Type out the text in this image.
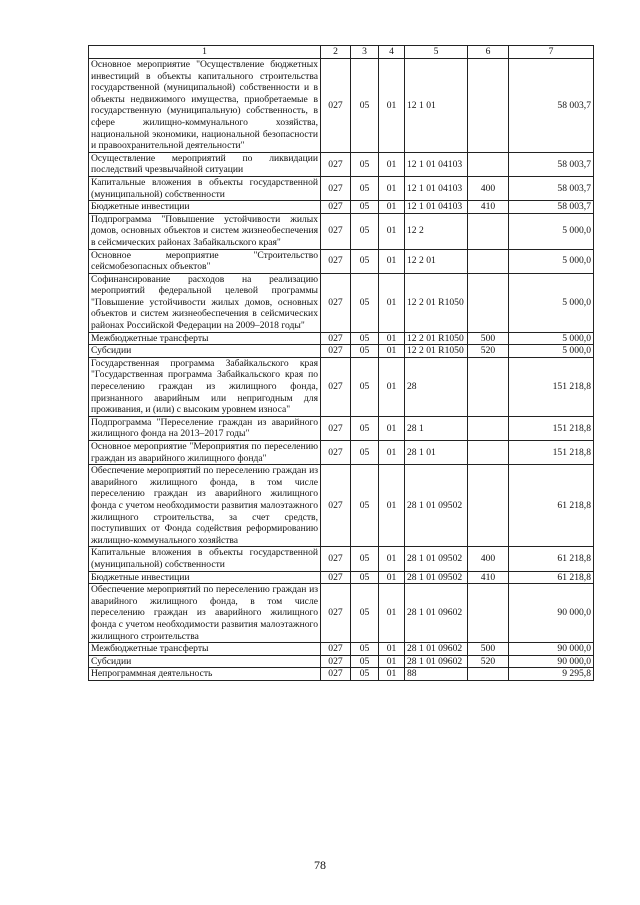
1	2	3	4	5	6	7
Основное мероприятие "Осуществление бюджетных инвестиций в объекты капитального строительства государственной (муниципальной) собственности и в объекты недвижимого имущества, приобретаемые в государственную (муниципальную) собственность, в сфере жилищно-коммунального хозяйства, национальной экономики, национальной безопасности и правоохранительной деятельности"	027	05	01	12 1 01		58 003,7
Осуществление мероприятий по ликвидации последствий чрезвычайной ситуации	027	05	01	12 1 01 04103		58 003,7
Капитальные вложения в объекты государственной (муниципальной) собственности	027	05	01	12 1 01 04103	400	58 003,7
Бюджетные инвестиции	027	05	01	12 1 01 04103	410	58 003,7
Подпрограмма "Повышение устойчивости жилых домов, основных объектов и систем жизнеобеспечения в сейсмических районах Забайкальского края"	027	05	01	12 2		5 000,0
Основное мероприятие "Строительство сейсмобезопасных объектов"	027	05	01	12 2 01		5 000,0
Софинансирование расходов на реализацию мероприятий федеральной целевой программы "Повышение устойчивости жилых домов, основных объектов и систем жизнеобеспечения в сейсмических районах Российской Федерации на 2009–2018 годы"	027	05	01	12 2 01 R1050		5 000,0
Межбюджетные трансферты	027	05	01	12 2 01 R1050	500	5 000,0
Субсидии	027	05	01	12 2 01 R1050	520	5 000,0
Государственная программа Забайкальского края "Государственная программа Забайкальского края по переселению граждан из жилищного фонда, признанного аварийным или непригодным для проживания, и (или) с высоким уровнем износа"	027	05	01	28		151 218,8
Подпрограмма "Переселение граждан из аварийного жилищного фонда на 2013–2017 годы"	027	05	01	28 1		151 218,8
Основное мероприятие "Мероприятия по переселению граждан из аварийного жилищного фонда"	027	05	01	28 1 01		151 218,8
Обеспечение мероприятий по переселению граждан из аварийного жилищного фонда, в том числе переселению граждан из аварийного жилищного фонда с учетом необходимости развития малоэтажного жилищного строительства, за счет средств, поступивших от Фонда содействия реформированию жилищно-коммунального хозяйства	027	05	01	28 1 01 09502		61 218,8
Капитальные вложения в объекты государственной (муниципальной) собственности	027	05	01	28 1 01 09502	400	61 218,8
Бюджетные инвестиции	027	05	01	28 1 01 09502	410	61 218,8
Обеспечение мероприятий по переселению граждан из аварийного жилищного фонда, в том числе переселению граждан из аварийного жилищного фонда с учетом необходимости развития малоэтажного жилищного строительства	027	05	01	28 1 01 09602		90 000,0
Межбюджетные трансферты	027	05	01	28 1 01 09602	500	90 000,0
Субсидии	027	05	01	28 1 01 09602	520	90 000,0
Непрограммная деятельность	027	05	01	88		9 295,8
78
